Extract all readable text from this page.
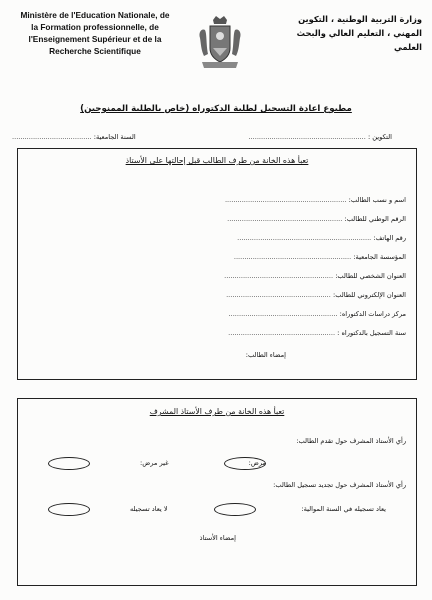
Ministère de l'Education Nationale, de
la Formation professionnelle, de
l'Enseignement Supérieur et de la
Recherche Scientifique
وزارة التربية الوطنية ، التكوين
المهني ، التعليم العالي والبحث العلمي
مطبوع اعادة التسجيل لطلبة الدكتوراه (خاص بالطلبة الممنوحين)
التكوين : ........................................................
السنة الجامعية: ......................................
تعبأ هذه الخانة من طرف الطالب قبل إحالتها على الأستاذ
اسم و نسب الطالب: ..........................................................
الرقم الوطني للطالب: .......................................................
رقم الهاتف: ................................................................
المؤسسة الجامعية: ........................................................
العنوان الشخصي للطالب: ....................................................
العنوان الإلكتروني للطالب: ..................................................
مركز دراسات الدكتوراه: ....................................................
سنة التسجيل بالدكتوراه : ...................................................
إمضاء الطالب:
تعبأ هذه الخانة من طرف الأستاذ المشرف
رأي الأستاذ المشرف حول تقدم الطالب:
مرض:
غير مرض:
رأي الأستاذ المشرف حول تجديد تسجيل الطالب:
يعاد تسجيله في السنة الموالية:
لا يعاد تسجيله
إمضاء الأستاذ
